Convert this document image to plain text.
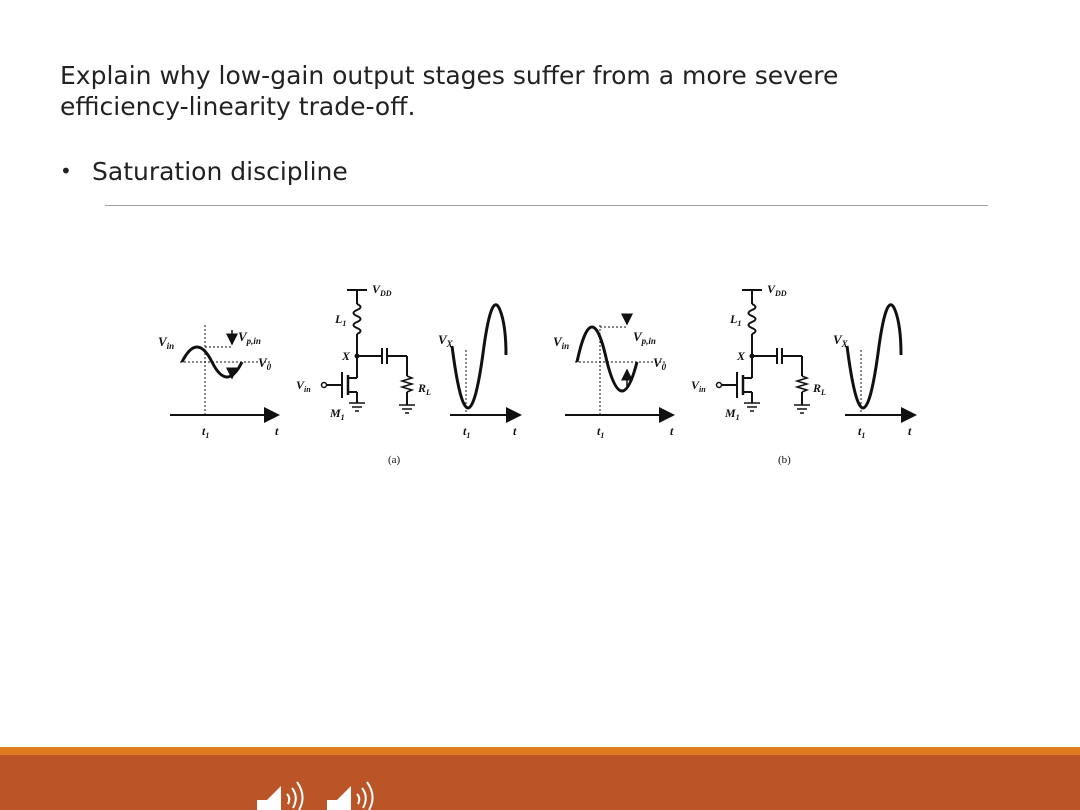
Explain why low-gain output stages suffer from a more severe efficiency-linearity trade-off.
• Saturation discipline
$V_{in}$
$V_{p,in}$
$V_0$
$t_1$	t
$V_{DD}$
$L_1$
X
$R_L$
$V_{in}$
$M_1$
$V_X$
$t_1$	t
(a)
$V_{in}$
$V_{p,in}$
$V_0$
$t_1$	t
$V_{DD}$
$L_1$
X
$R_L$
$V_{in}$
$M_1$
$V_X$
$t_1$	t
(b)
